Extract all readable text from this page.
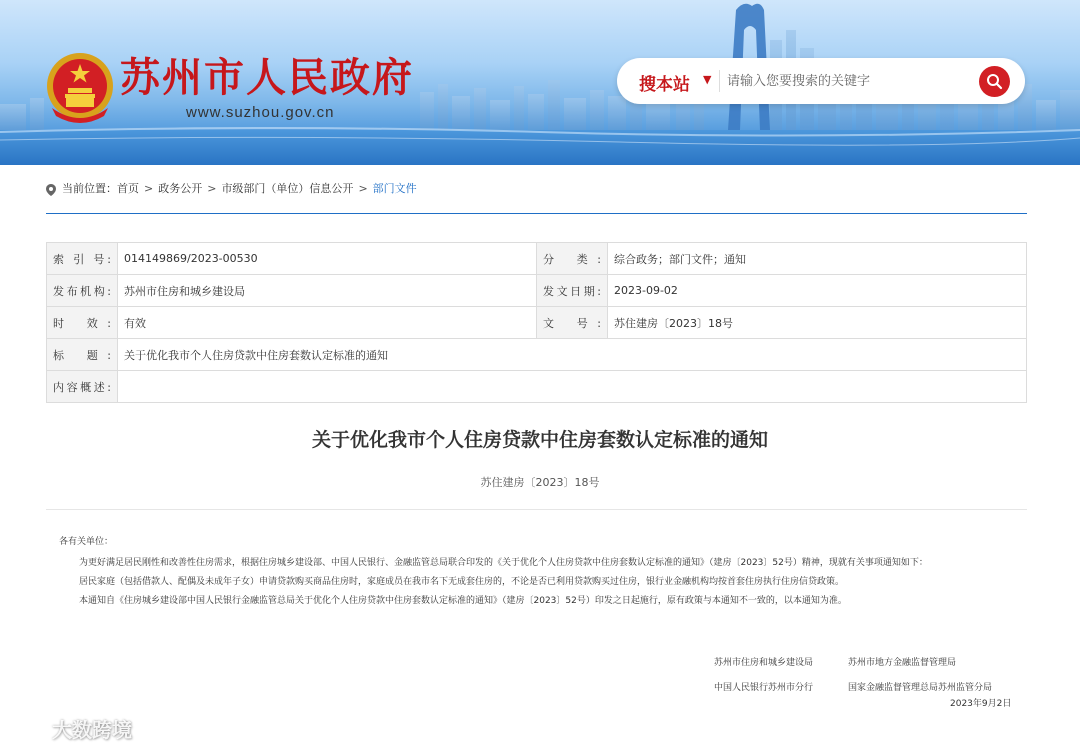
苏州市人民政府
www.suzhou.gov.cn
搜本站 ▼
请输入您要搜索的关键字
当前位置： 首页 > 政务公开 > 市级部门（单位）信息公开 > 部门文件
索 引 号:	014149869/2023-00530	分 类:	综合政务；部门文件；通知
发布机构:	苏州市住房和城乡建设局	发文日期:	2023-09-02
时 效:	有效	文 号:	苏住建房〔2023〕18号
标 题:	关于优化我市个人住房贷款中住房套数认定标准的通知		
内容概述:			
关于优化我市个人住房贷款中住房套数认定标准的通知
苏住建房〔2023〕18号

各有关单位：

为更好满足居民刚性和改善性住房需求，根据住房城乡建设部、中国人民银行、金融监管总局联合印发的《关于优化个人住房贷款中住房套数认定标准的通知》（建房〔2023〕52号）精神，现就有关事项通知如下：

居民家庭（包括借款人、配偶及未成年子女）申请贷款购买商品住房时，家庭成员在我市名下无成套住房的，不论是否已利用贷款购买过住房，银行业金融机构均按首套住房执行住房信贷政策。

本通知自《住房城乡建设部中国人民银行金融监管总局关于优化个人住房贷款中住房套数认定标准的通知》（建房〔2023〕52号）印发之日起施行，原有政策与本通知不一致的，以本通知为准。

苏州市住房和城乡建设局
中国人民银行苏州市分行
苏州市地方金融监督管理局
国家金融监督管理总局苏州监管分局
2023年9月2日
大数跨境
